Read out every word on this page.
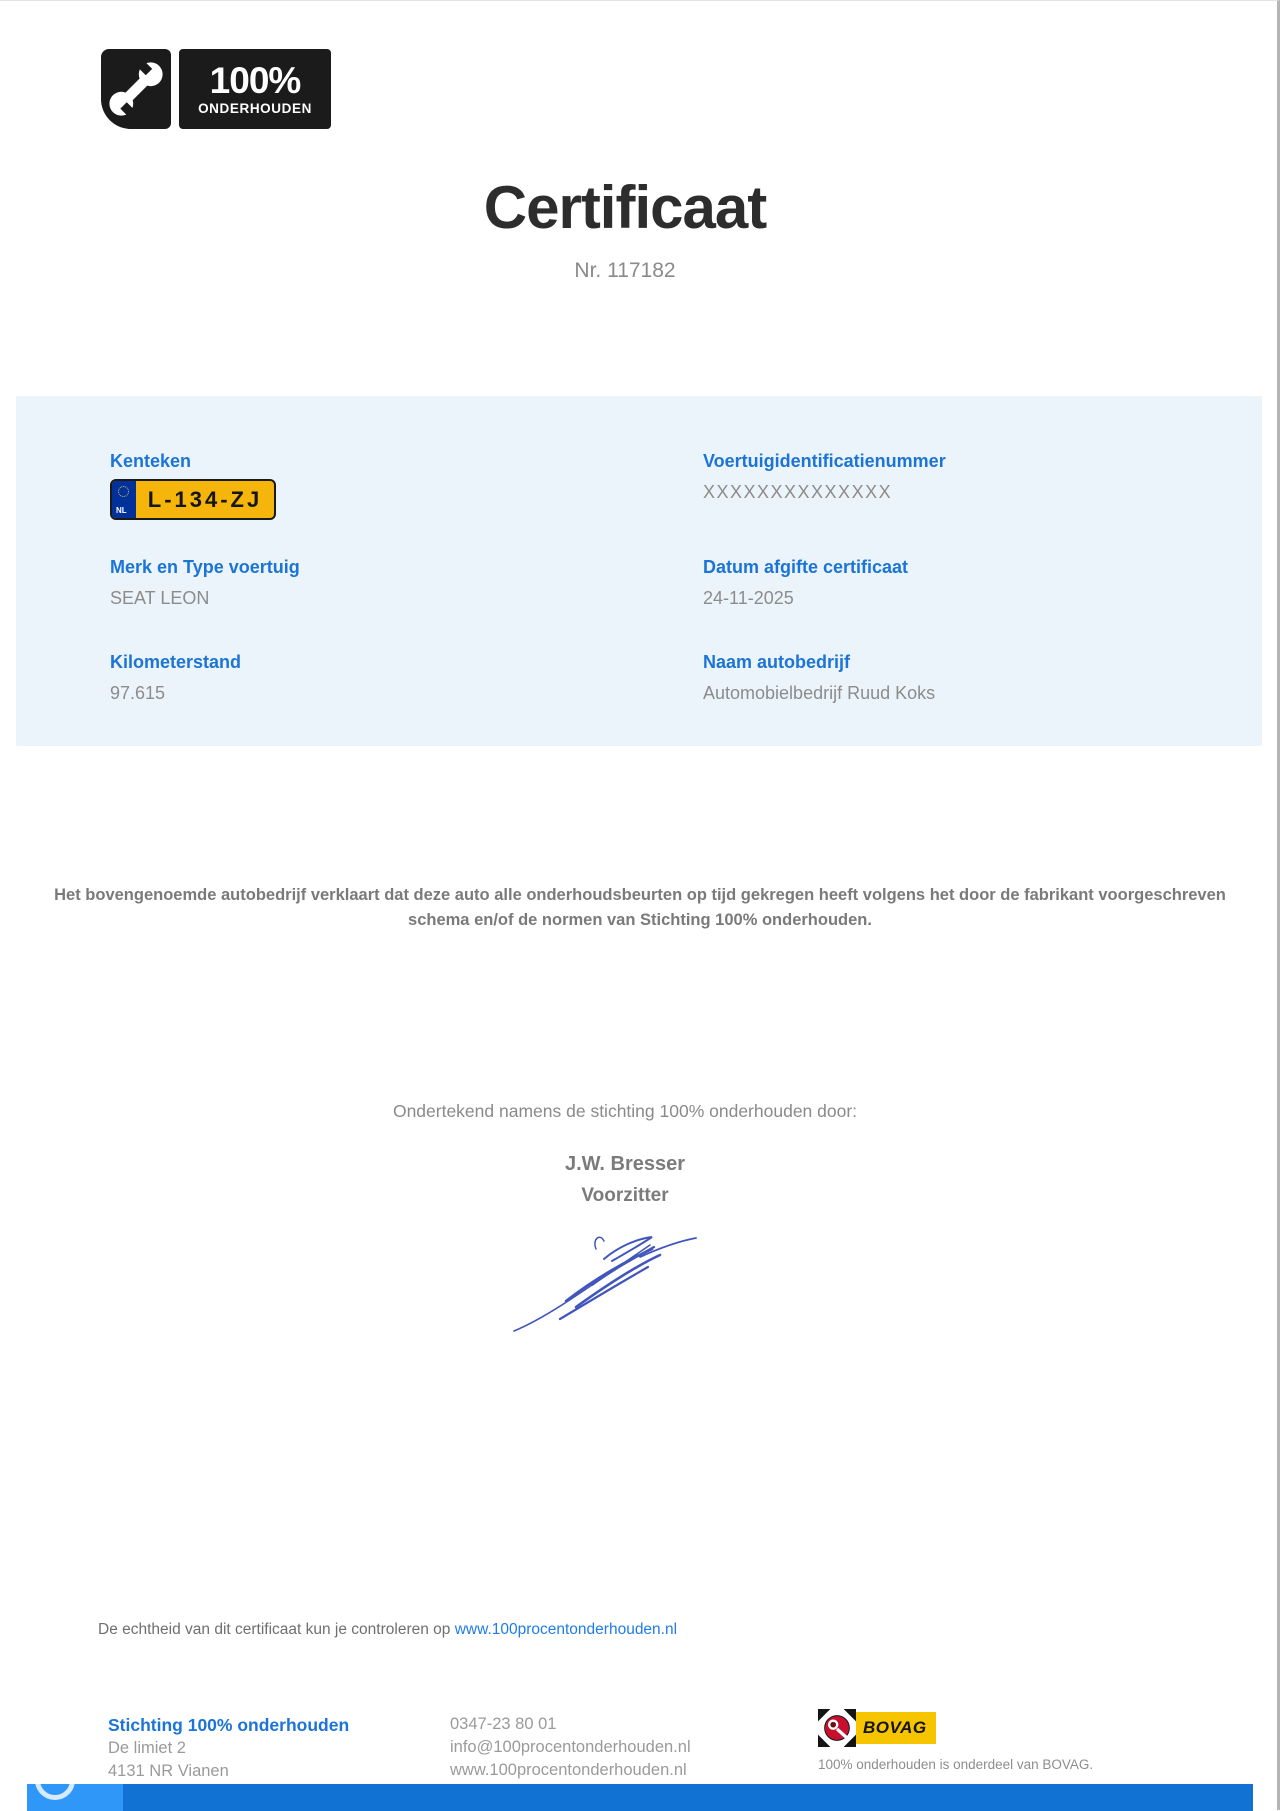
100%
ONDERHOUDEN
Certificaat
Nr. 117182
Kenteken
NL L-134-ZJ
Voertuigidentificatienummer
XXXXXXXXXXXXXX
Merk en Type voertuig
SEAT LEON
Datum afgifte certificaat
24-11-2025
Kilometerstand
97.615
Naam autobedrijf
Automobielbedrijf Ruud Koks
Het bovengenoemde autobedrijf verklaart dat deze auto alle onderhoudsbeurten op tijd gekregen heeft volgens het door de fabrikant voorgeschreven schema en/of de normen van Stichting 100% onderhouden.
Ondertekend namens de stichting 100% onderhouden door:
J.W. Bresser
Voorzitter
De echtheid van dit certificaat kun je controleren op www.100procentonderhouden.nl
Stichting 100% onderhouden
De limiet 2
4131 NR Vianen
0347-23 80 01
info@100procentonderhouden.nl
www.100procentonderhouden.nl
BOVAG
100% onderhouden is onderdeel van BOVAG.
